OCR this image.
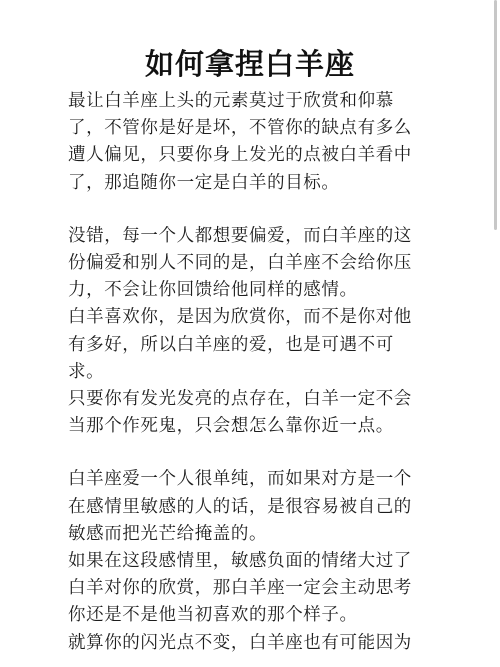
如何拿捏白羊座

最让白羊座上头的元素莫过于欣赏和仰慕
了，不管你是好是坏，不管你的缺点有多么
遭人偏见，只要你身上发光的点被白羊看中
了，那追随你一定是白羊的目标。

没错，每一个人都想要偏爱，而白羊座的这
份偏爱和别人不同的是，白羊座不会给你压
力，不会让你回馈给他同样的感情。

白羊喜欢你，是因为欣赏你，而不是你对他
有多好，所以白羊座的爱，也是可遇不可
求。

只要你有发光发亮的点存在，白羊一定不会
当那个作死鬼，只会想怎么靠你近一点。

白羊座爱一个人很单纯，而如果对方是一个
在感情里敏感的人的话，是很容易被自己的
敏感而把光芒给掩盖的。

如果在这段感情里，敏感负面的情绪大过了
白羊对你的欣赏，那白羊座一定会主动思考
你还是不是他当初喜欢的那个样子。

就算你的闪光点不变，白羊座也有可能因为
